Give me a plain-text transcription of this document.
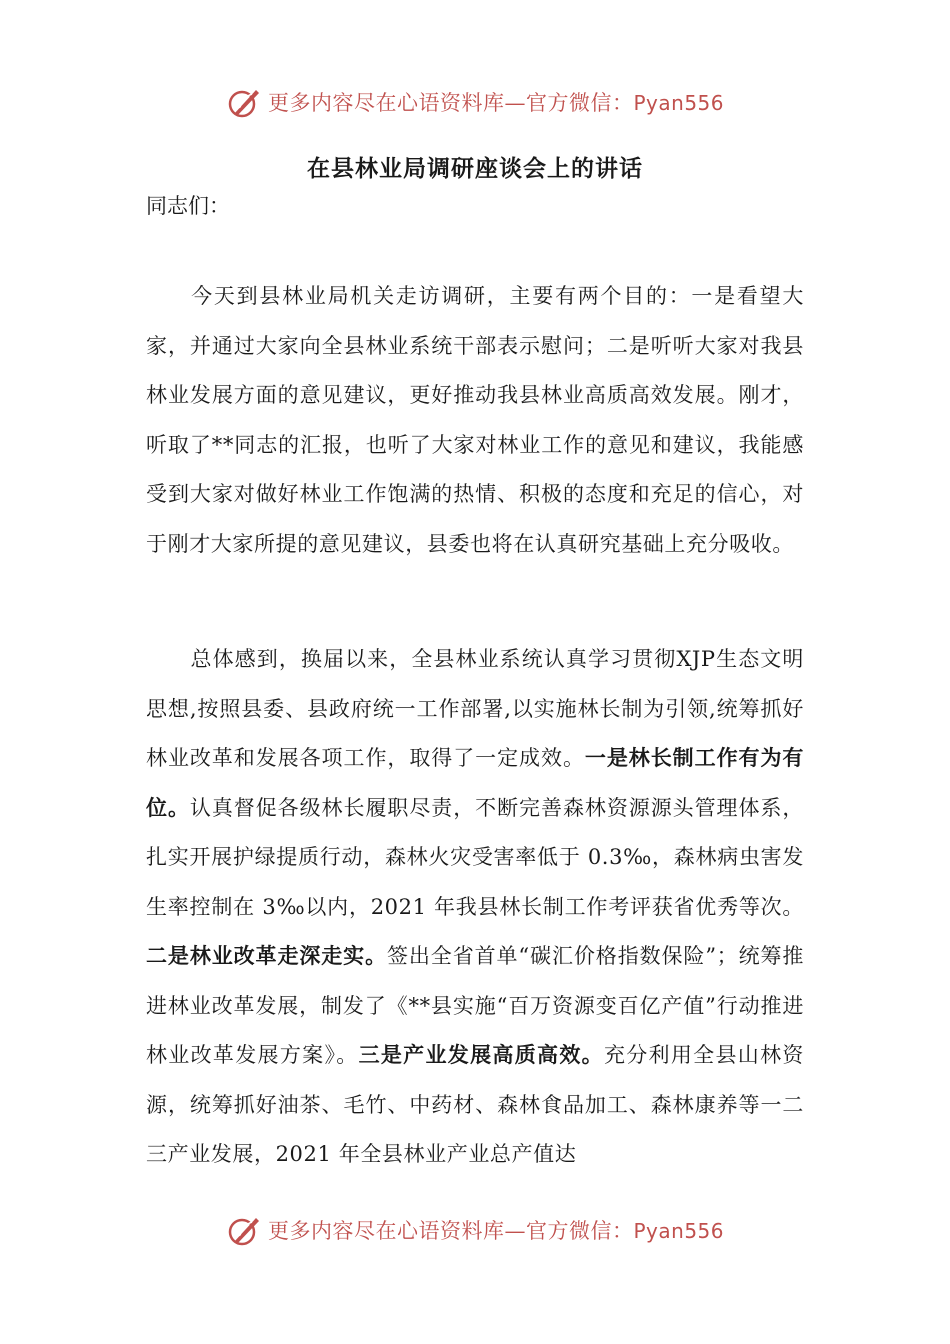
更多内容尽在心语资料库—官方微信：Pyan556
在县林业局调研座谈会上的讲话
同志们：
今天到县林业局机关走访调研，主要有两个目的：一是看望大家，并通过大家向全县林业系统干部表示慰问；二是听听大家对我县林业发展方面的意见建议，更好推动我县林业高质高效发展。刚才，听取了**同志的汇报，也听了大家对林业工作的意见和建议，我能感受到大家对做好林业工作饱满的热情、积极的态度和充足的信心，对于刚才大家所提的意见建议，县委也将在认真研究基础上充分吸收。
总体感到，换届以来，全县林业系统认真学习贯彻XJP生态文明思想,按照县委、县政府统一工作部署,以实施林长制为引领,统筹抓好林业改革和发展各项工作，取得了一定成效。一是林长制工作有为有位。认真督促各级林长履职尽责，不断完善森林资源源头管理体系，扎实开展护绿提质行动，森林火灾受害率低于 0.3‰，森林病虫害发生率控制在 3‰以内，2021 年我县林长制工作考评获省优秀等次。二是林业改革走深走实。签出全省首单“碳汇价格指数保险”；统筹推进林业改革发展，制发了《**县实施“百万资源变百亿产值”行动推进林业改革发展方案》。三是产业发展高质高效。充分利用全县山林资源，统筹抓好油茶、毛竹、中药材、森林食品加工、森林康养等一二三产业发展，2021 年全县林业产业总产值达
更多内容尽在心语资料库—官方微信：Pyan556
